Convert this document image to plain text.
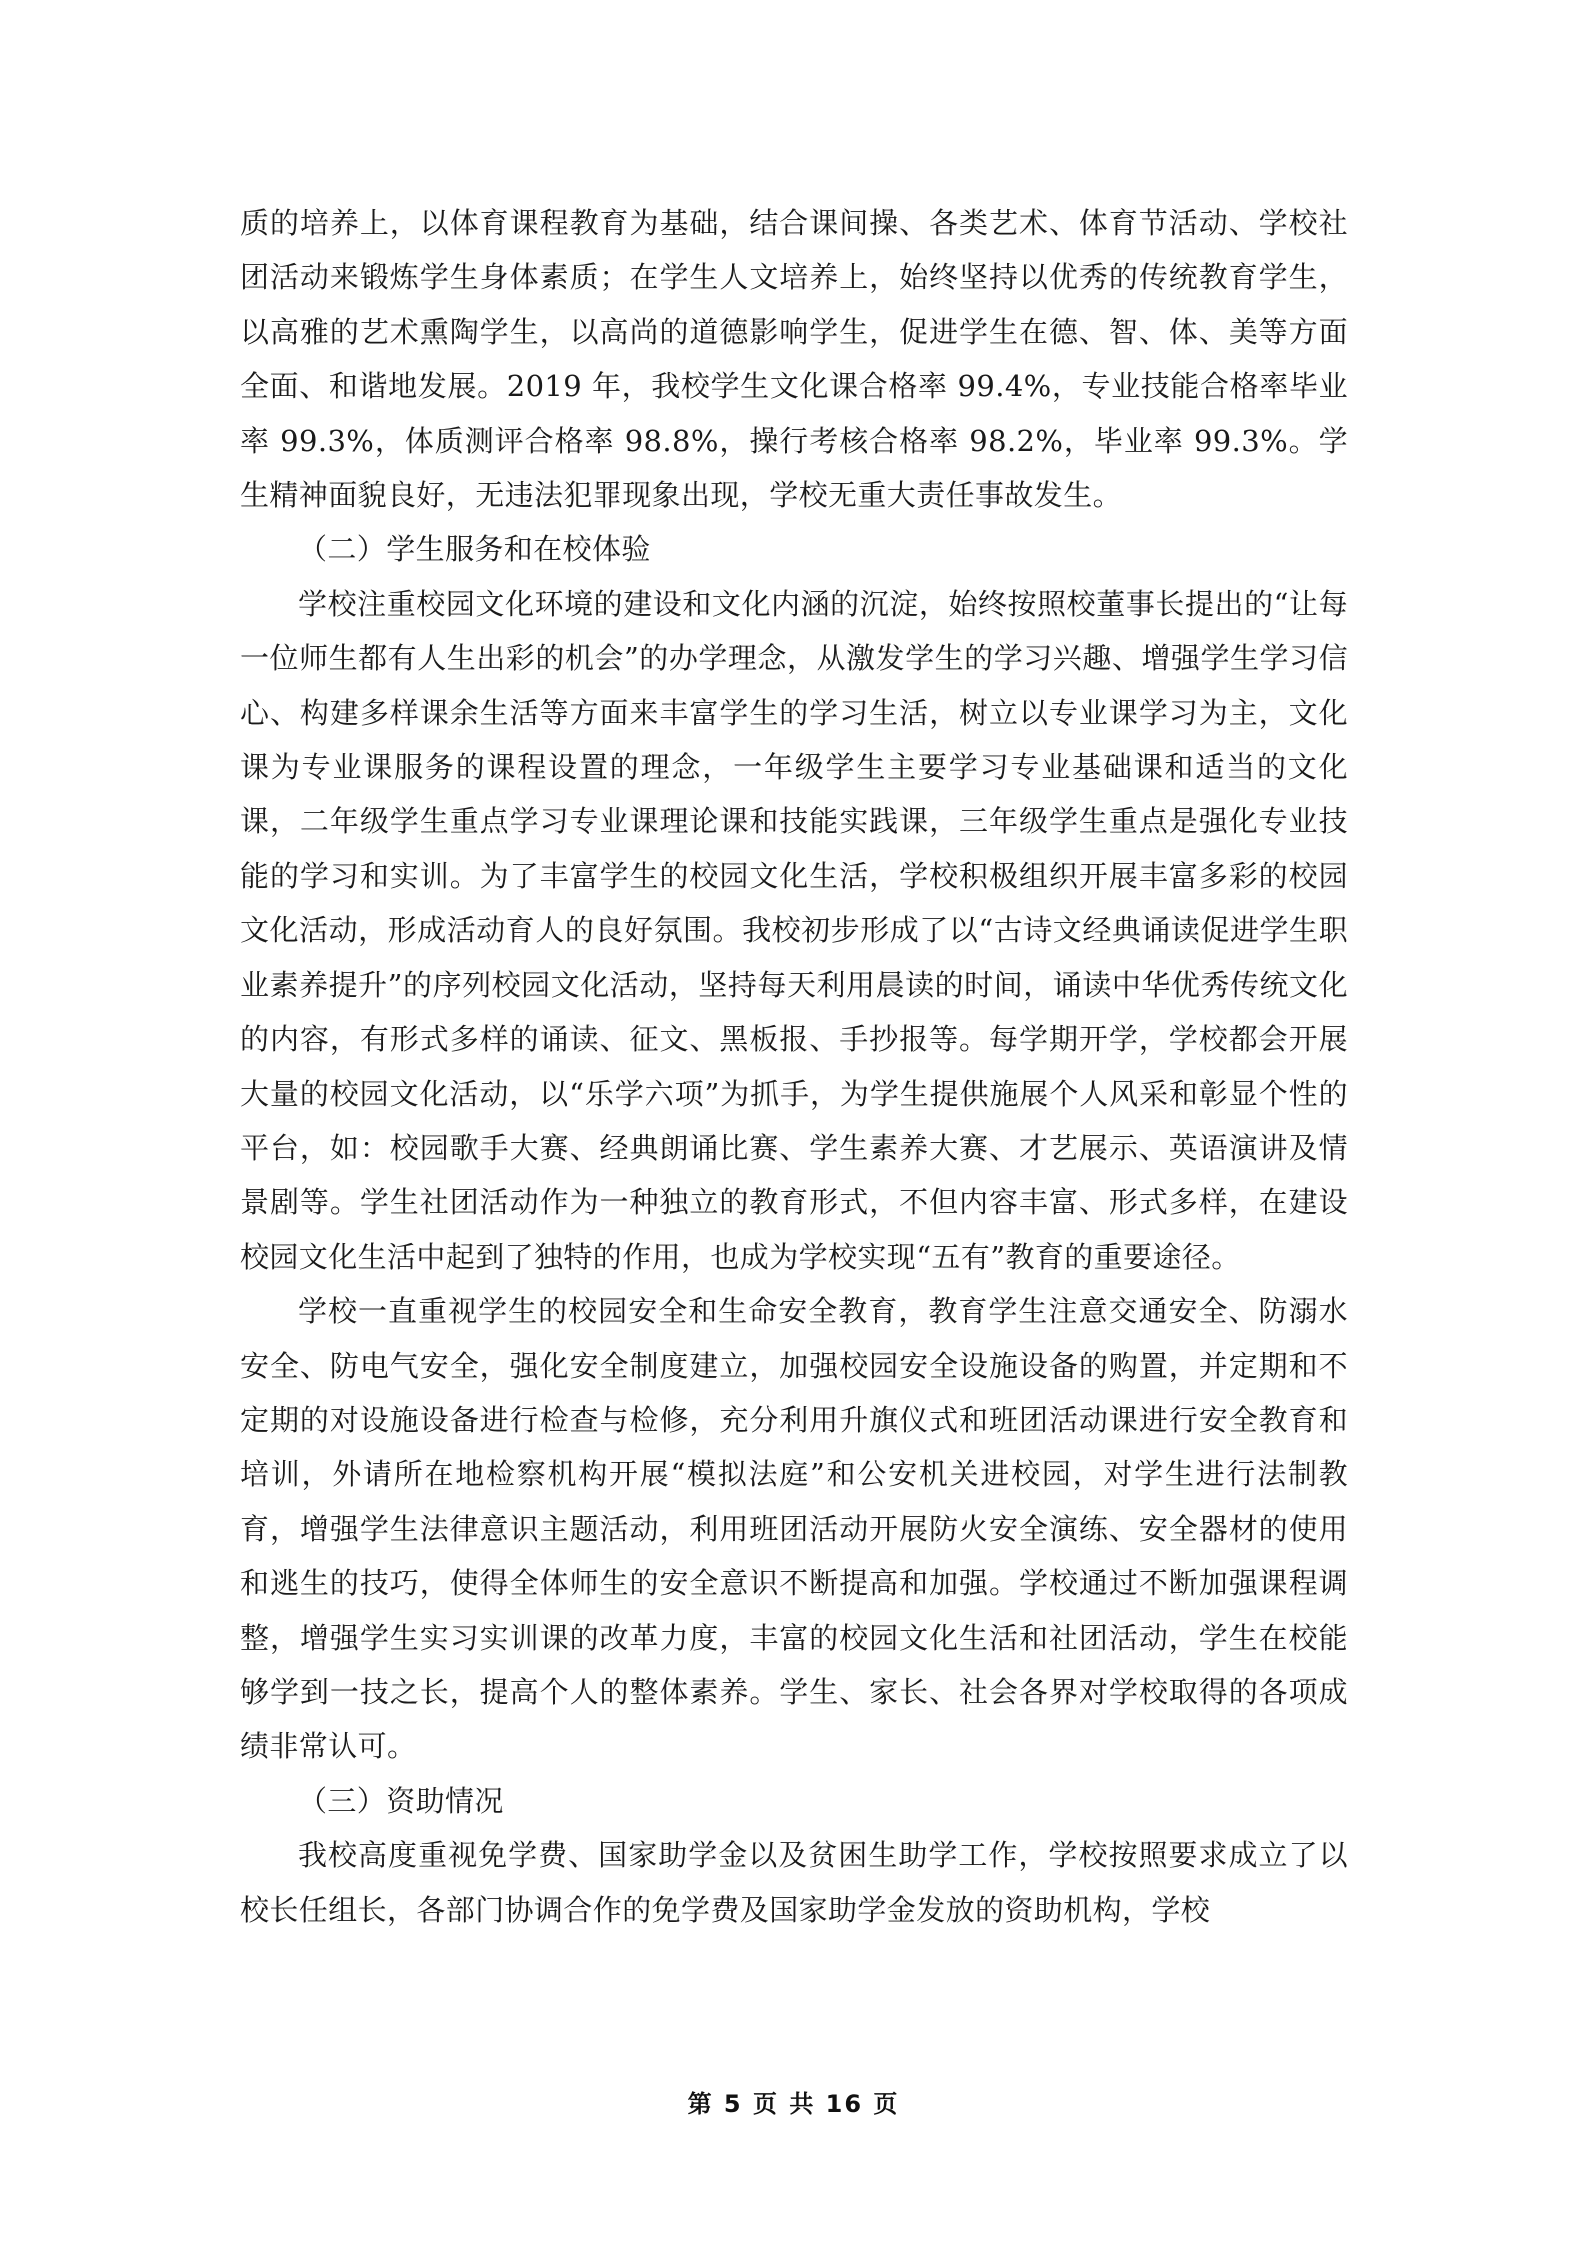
质的培养上，以体育课程教育为基础，结合课间操、各类艺术、体育节活动、学校社团活动来锻炼学生身体素质；在学生人文培养上，始终坚持以优秀的传统教育学生，以高雅的艺术熏陶学生，以高尚的道德影响学生，促进学生在德、智、体、美等方面全面、和谐地发展。2019 年，我校学生文化课合格率 99.4%，专业技能合格率毕业率 99.3%，体质测评合格率 98.8%，操行考核合格率 98.2%，毕业率 99.3%。学生精神面貌良好，无违法犯罪现象出现，学校无重大责任事故发生。

（二）学生服务和在校体验

学校注重校园文化环境的建设和文化内涵的沉淀，始终按照校董事长提出的“让每一位师生都有人生出彩的机会”的办学理念，从激发学生的学习兴趣、增强学生学习信心、构建多样课余生活等方面来丰富学生的学习生活，树立以专业课学习为主，文化课为专业课服务的课程设置的理念，一年级学生主要学习专业基础课和适当的文化课，二年级学生重点学习专业课理论课和技能实践课，三年级学生重点是强化专业技能的学习和实训。为了丰富学生的校园文化生活，学校积极组织开展丰富多彩的校园文化活动，形成活动育人的良好氛围。我校初步形成了以“古诗文经典诵读促进学生职业素养提升”的序列校园文化活动，坚持每天利用晨读的时间，诵读中华优秀传统文化的内容，有形式多样的诵读、征文、黑板报、手抄报等。每学期开学，学校都会开展大量的校园文化活动，以“乐学六项”为抓手，为学生提供施展个人风采和彰显个性的平台，如：校园歌手大赛、经典朗诵比赛、学生素养大赛、才艺展示、英语演讲及情景剧等。学生社团活动作为一种独立的教育形式，不但内容丰富、形式多样，在建设校园文化生活中起到了独特的作用，也成为学校实现“五有”教育的重要途径。

学校一直重视学生的校园安全和生命安全教育，教育学生注意交通安全、防溺水安全、防电气安全，强化安全制度建立，加强校园安全设施设备的购置，并定期和不定期的对设施设备进行检查与检修，充分利用升旗仪式和班团活动课进行安全教育和培训，外请所在地检察机构开展“模拟法庭”和公安机关进校园，对学生进行法制教育，增强学生法律意识主题活动，利用班团活动开展防火安全演练、安全器材的使用和逃生的技巧，使得全体师生的安全意识不断提高和加强。学校通过不断加强课程调整，增强学生实习实训课的改革力度，丰富的校园文化生活和社团活动，学生在校能够学到一技之长，提高个人的整体素养。学生、家长、社会各界对学校取得的各项成绩非常认可。

（三）资助情况

我校高度重视免学费、国家助学金以及贫困生助学工作，学校按照要求成立了以校长任组长，各部门协调合作的免学费及国家助学金发放的资助机构，学校

第 5 页 共 16 页
